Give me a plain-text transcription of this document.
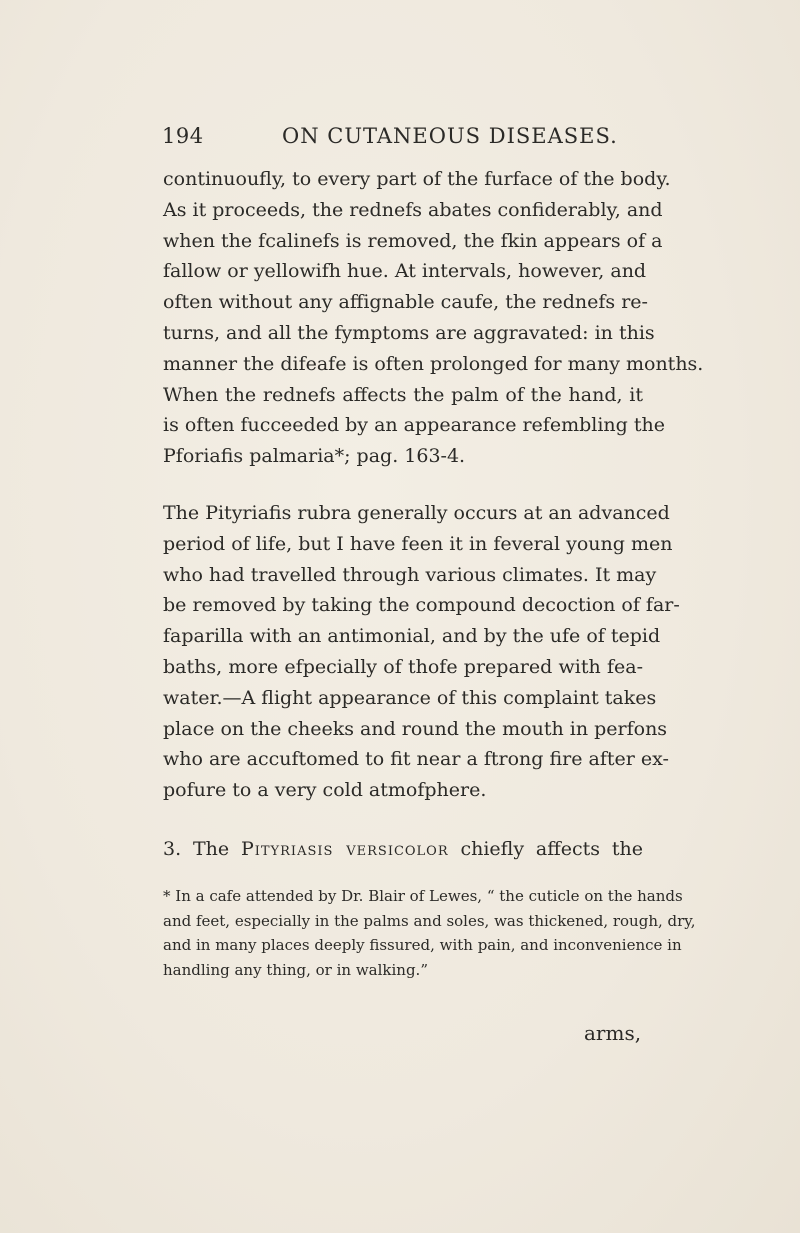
194	ON CUTANEOUS DISEASES.
continuoufly, to every part of the furface of the body.
As it proceeds, the rednefs abates confiderably, and
when the fcalinefs is removed, the fkin appears of a
fallow or yellowifh hue. At intervals, however, and
often without any affignable caufe, the rednefs re-
turns, and all the fymptoms are aggravated: in this
manner the difeafe is often prolonged for many months.
When the rednefs affects the palm of the hand, it
is often fucceeded by an appearance refembling the
Pforiafis palmaria*; pag. 163-4.
The Pityriafis rubra generally occurs at an advanced
period of life, but I have feen it in feveral young men
who had travelled through various climates. It may
be removed by taking the compound decoction of far-
faparilla with an antimonial, and by the ufe of tepid
baths, more efpecially of thofe prepared with fea-
water.—A flight appearance of this complaint takes
place on the cheeks and round the mouth in perfons
who are accuftomed to fit near a ftrong fire after ex-
pofure to a very cold atmofphere.
3. The Pityriasis versicolor chiefly affects the
* In a cafe attended by Dr. Blair of Lewes, “ the cuticle on the hands
and feet, especially in the palms and soles, was thickened, rough, dry,
and in many places deeply fissured, with pain, and inconvenience in
handling any thing, or in walking.”
arms,
